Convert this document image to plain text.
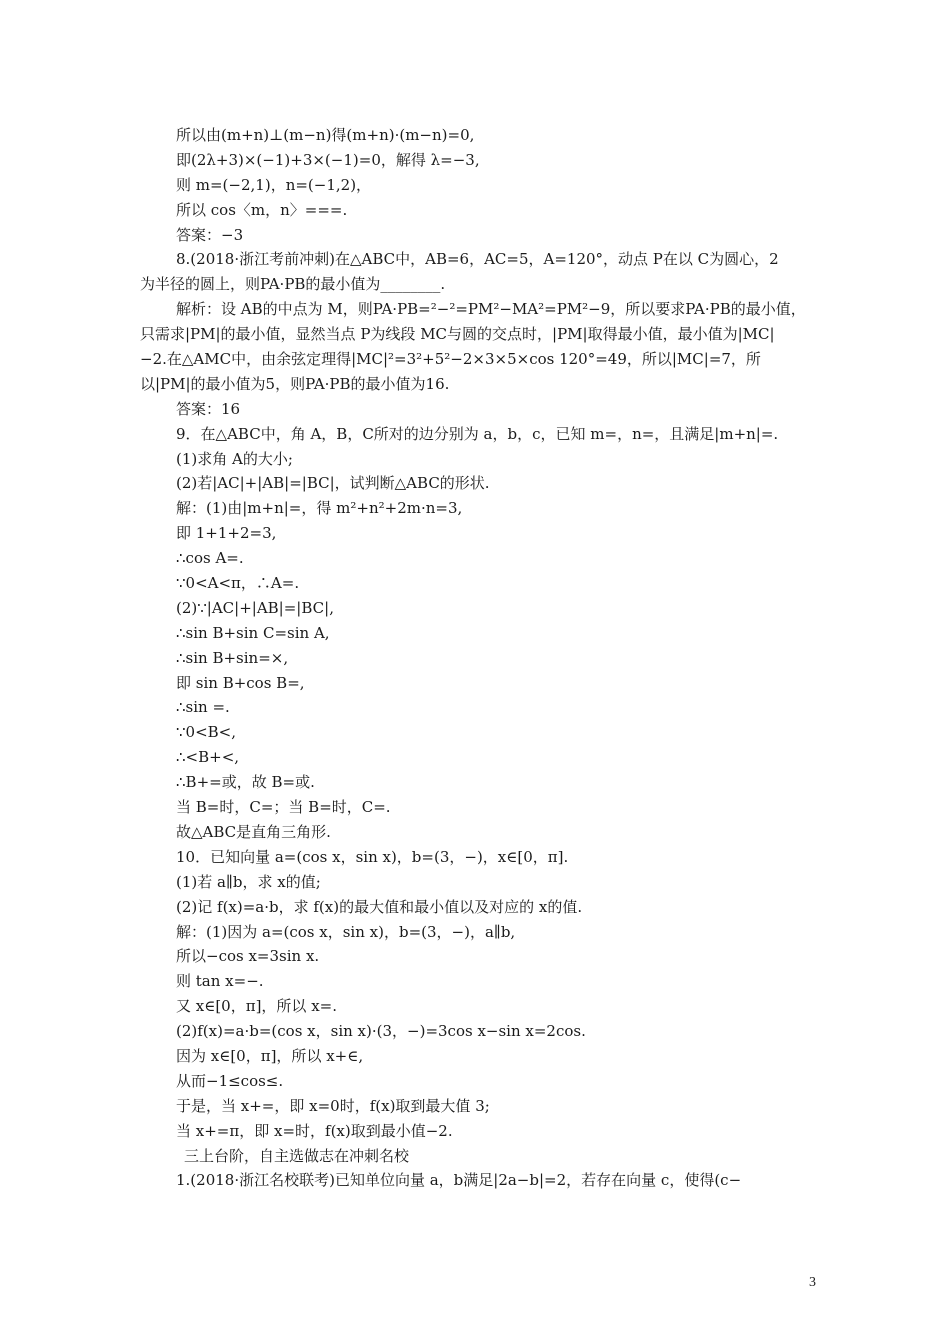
所以由(m+n)⊥(m−n)得(m+n)·(m−n)=0,
即(2λ+3)×(−1)+3×(−1)=0，解得 λ=−3,
则 m=(−2,1)，n=(−1,2)，
所以 cos〈m，n〉===.
答案：−3
8.(2018·浙江考前冲刺)在△ABC中，AB=6，AC=5，A=120°，动点 P在以 C为圆心，2
为半径的圆上，则PA·PB的最小值为________.
解析：设 AB的中点为 M，则PA·PB=²−²=PM²−MA²=PM²−9，所以要求PA·PB的最小值，
只需求|PM|的最小值，显然当点 P为线段 MC与圆的交点时，|PM|取得最小值，最小值为|MC|
−2.在△AMC中，由余弦定理得|MC|²=3²+5²−2×3×5×cos 120°=49，所以|MC|=7，所
以|PM|的最小值为5，则PA·PB的最小值为16.
答案：16
9．在△ABC中，角 A，B，C所对的边分别为 a，b，c，已知 m=，n=，且满足|m+n|=.
(1)求角 A的大小;
(2)若|AC|+|AB|=|BC|，试判断△ABC的形状.
解：(1)由|m+n|=，得 m²+n²+2m·n=3,
即 1+1+2=3,
∴cos A=.
∵0<A<π，∴A=.
(2)∵|AC|+|AB|=|BC|,
∴sin B+sin C=sin A,
∴sin B+sin=×,
即 sin B+cos B=,
∴sin =.
∵0<B<,
∴<B+<,
∴B+=或，故 B=或.
当 B=时，C=；当 B=时，C=.
故△ABC是直角三角形.
10．已知向量 a=(cos x，sin x)，b=(3，−)，x∈[0，π].
(1)若 a∥b，求 x的值;
(2)记 f(x)=a·b，求 f(x)的最大值和最小值以及对应的 x的值.
解：(1)因为 a=(cos x，sin x)，b=(3，−)，a∥b,
所以−cos x=3sin x.
则 tan x=−.
又 x∈[0，π]，所以 x=.
(2)f(x)=a·b=(cos x，sin x)·(3，−)=3cos x−sin x=2cos.
因为 x∈[0，π]，所以 x+∈,
从而−1≤cos≤.
于是，当 x+=，即 x=0时，f(x)取到最大值 3;
当 x+=π，即 x=时，f(x)取到最小值−2.
三上台阶，自主选做志在冲刺名校
1.(2018·浙江名校联考)已知单位向量 a，b满足|2a−b|=2，若存在向量 c，使得(c−
3
